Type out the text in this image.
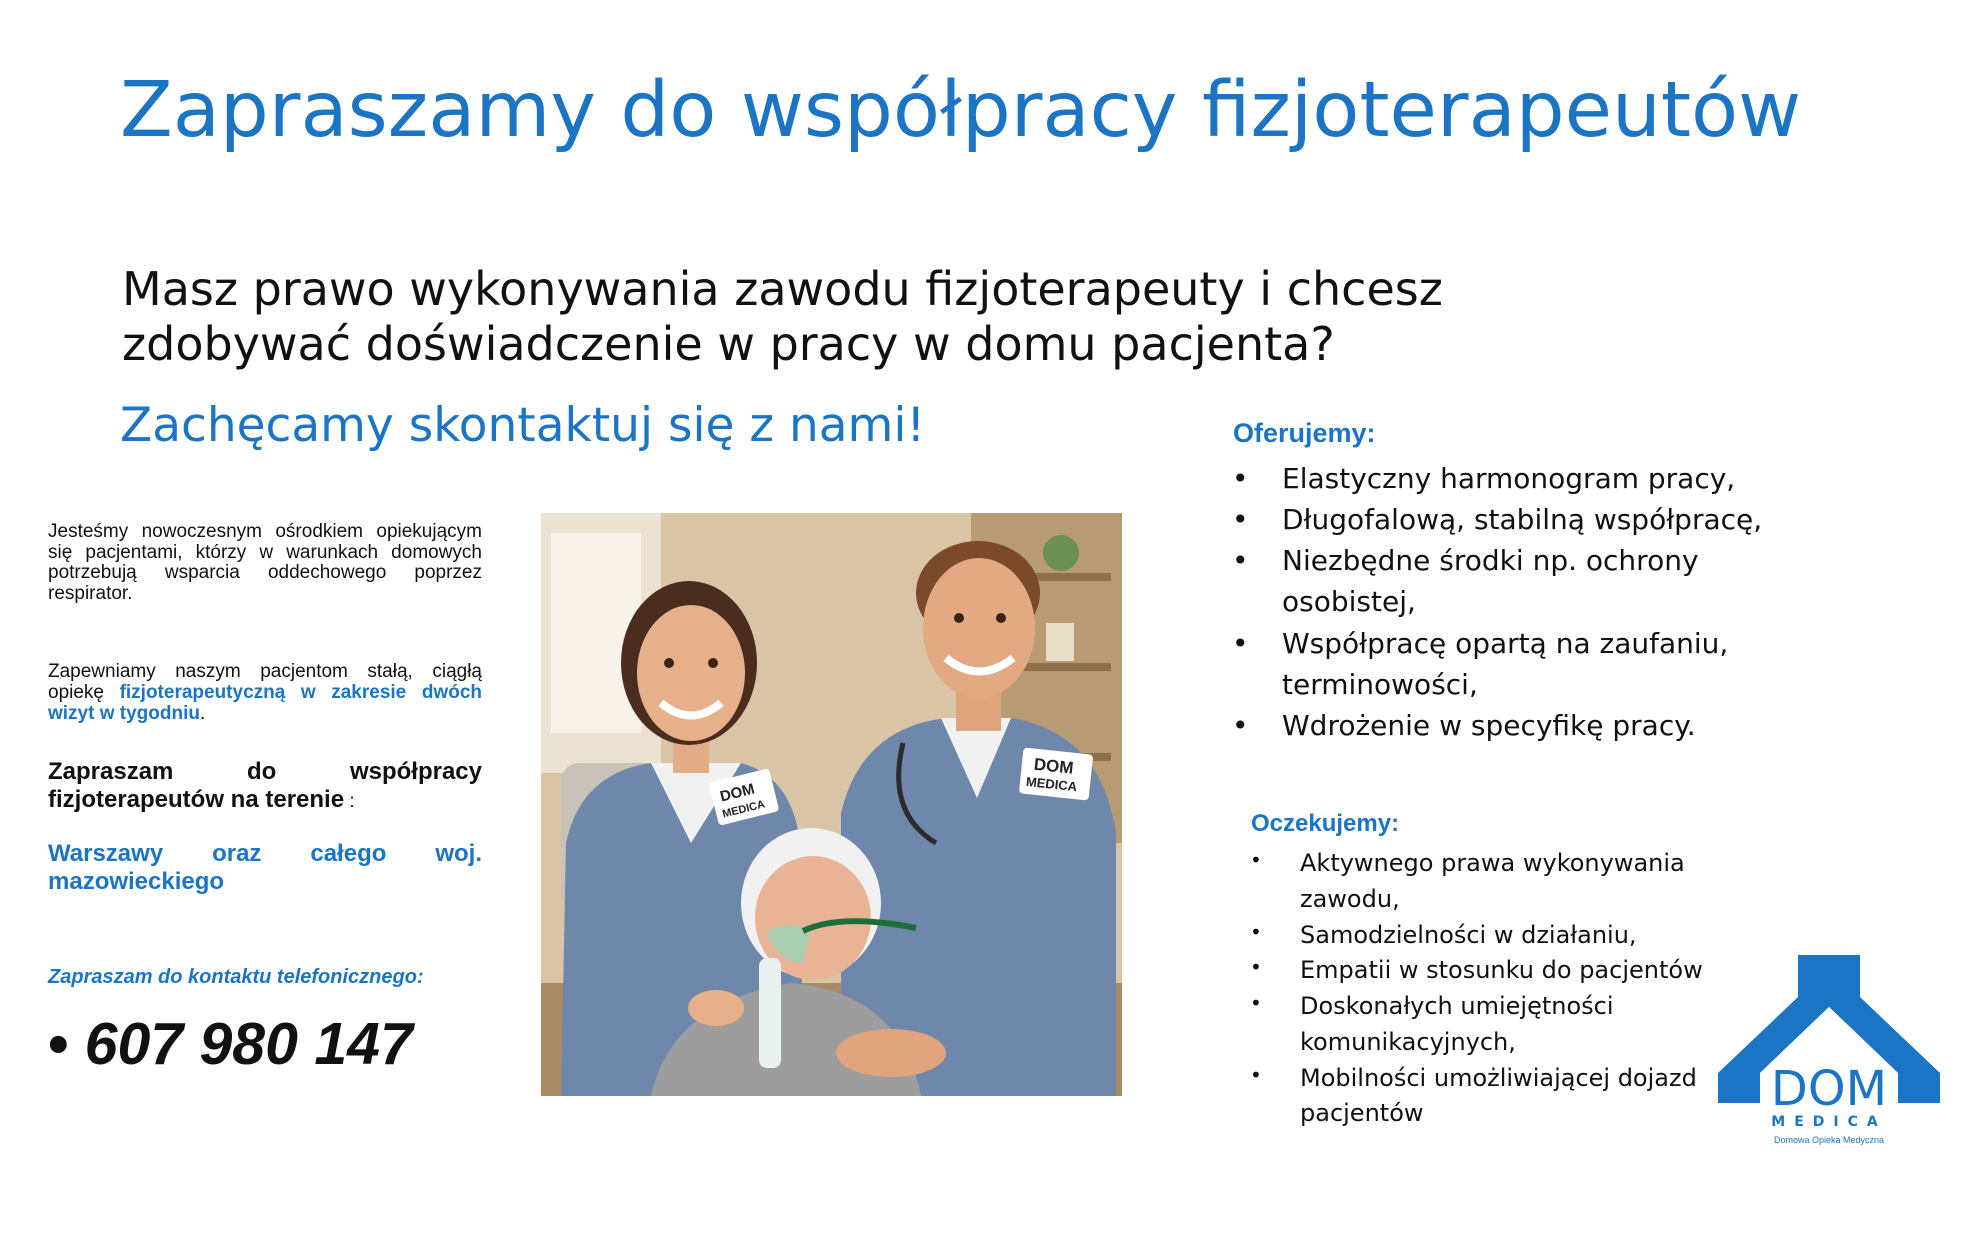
Zapraszamy do współpracy fizjoterapeutów
Masz prawo wykonywania zawodu fizjoterapeuty i chcesz
zdobywać doświadczenie w pracy w domu pacjenta?
Zachęcamy skontaktuj się z nami!
Jesteśmy nowoczesnym ośrodkiem opiekującym się pacjentami, którzy w warunkach domowych potrzebują wsparcia oddechowego poprzez respirator.
Zapewniamy naszym pacjentom stałą, ciągłą opiekę fizjoterapeutyczną w zakresie dwóch wizyt w tygodniu.
Zapraszam do współpracy fizjoterapeutów na terenie :
Warszawy oraz całego woj. mazowieckiego
Zapraszam do kontaktu telefonicznego:
• 607 980 147
DOM
MEDICA
DOM
MEDICA
Oferujemy:
• Elastyczny harmonogram pracy,
• Długofalową, stabilną współpracę,
• Niezbędne środki np. ochrony osobistej,
• Współpracę opartą na zaufaniu, terminowości,
• Wdrożenie w specyfikę pracy.
Oczekujemy:
• Aktywnego prawa wykonywania zawodu,
• Samodzielności w działaniu,
• Empatii w stosunku do pacjentów
• Doskonałych umiejętności komunikacyjnych,
• Mobilności umożliwiającej dojazd pacjentów	DOM
MEDICA
Domowa Opieka Medyczna
